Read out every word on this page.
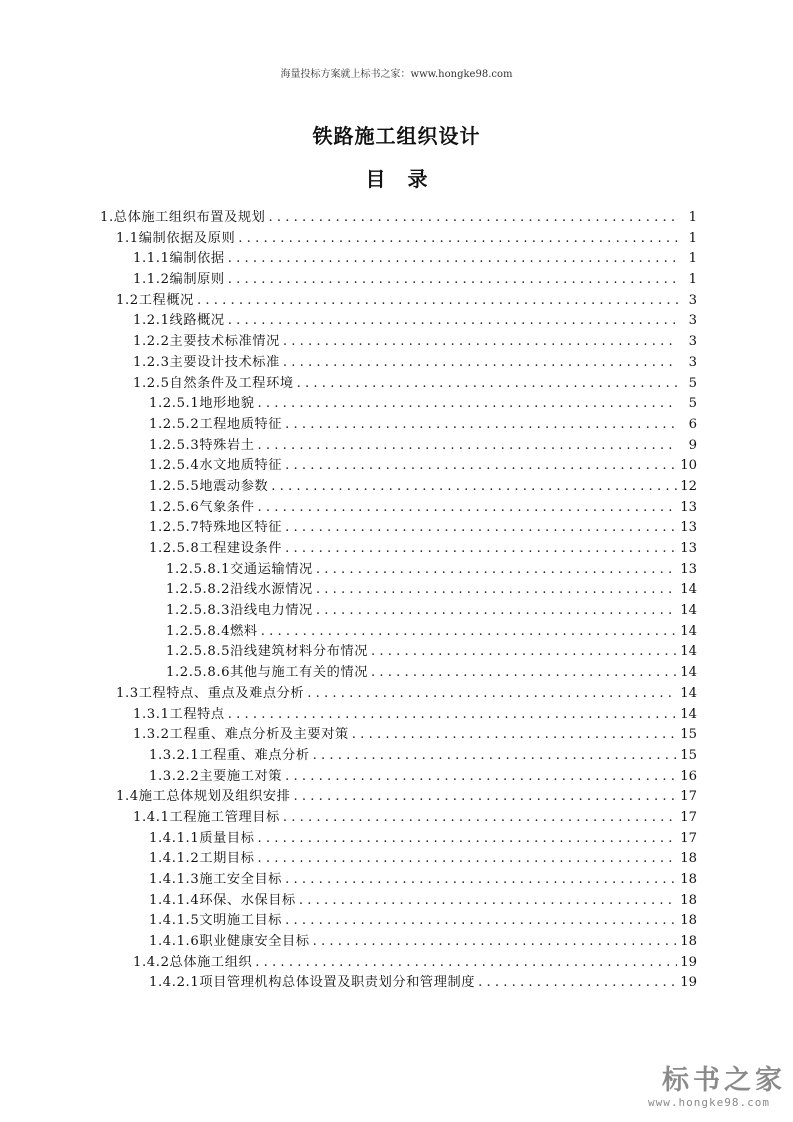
海量投标方案就上标书之家：www.hongke98.com
铁路施工组织设计
目录
1.总体施工组织布置及规划 . . .	1
1.1编制依据及原则 . . .	1
1.1.1编制依据 . . .	1
1.1.2编制原则 . . .	1
1.2工程概况 . . .	3
1.2.1线路概况 . . .	3
1.2.2主要技术标准情况 . . .	3
1.2.3主要设计技术标准 . . .	3
1.2.5自然条件及工程环境 . . .	5
1.2.5.1地形地貌 . . .	5
1.2.5.2工程地质特征 . . .	6
1.2.5.3特殊岩土 . . .	9
1.2.5.4水文地质特征 . . .	10
1.2.5.5地震动参数 . . .	12
1.2.5.6气象条件 . . .	13
1.2.5.7特殊地区特征 . . .	13
1.2.5.8工程建设条件 . . .	13
1.2.5.8.1交通运输情况 . . .	13
1.2.5.8.2沿线水源情况 . . .	14
1.2.5.8.3沿线电力情况 . . .	14
1.2.5.8.4燃料 . . .	14
1.2.5.8.5沿线建筑材料分布情况 . . .	14
1.2.5.8.6其他与施工有关的情况 . . .	14
1.3工程特点、重点及难点分析 . . .	14
1.3.1工程特点 . . .	14
1.3.2工程重、难点分析及主要对策 . . .	15
1.3.2.1工程重、难点分析 . . .	15
1.3.2.2主要施工对策 . . .	16
1.4施工总体规划及组织安排 . . .	17
1.4.1工程施工管理目标 . . .	17
1.4.1.1质量目标 . . .	17
1.4.1.2工期目标 . . .	18
1.4.1.3施工安全目标 . . .	18
1.4.1.4环保、水保目标 . . .	18
1.4.1.5文明施工目标 . . .	18
1.4.1.6职业健康安全目标 . . .	18
1.4.2总体施工组织 . . .	19
1.4.2.1项目管理机构总体设置及职责划分和管理制度 . . .	19
标书之家
www.hongke98.com
